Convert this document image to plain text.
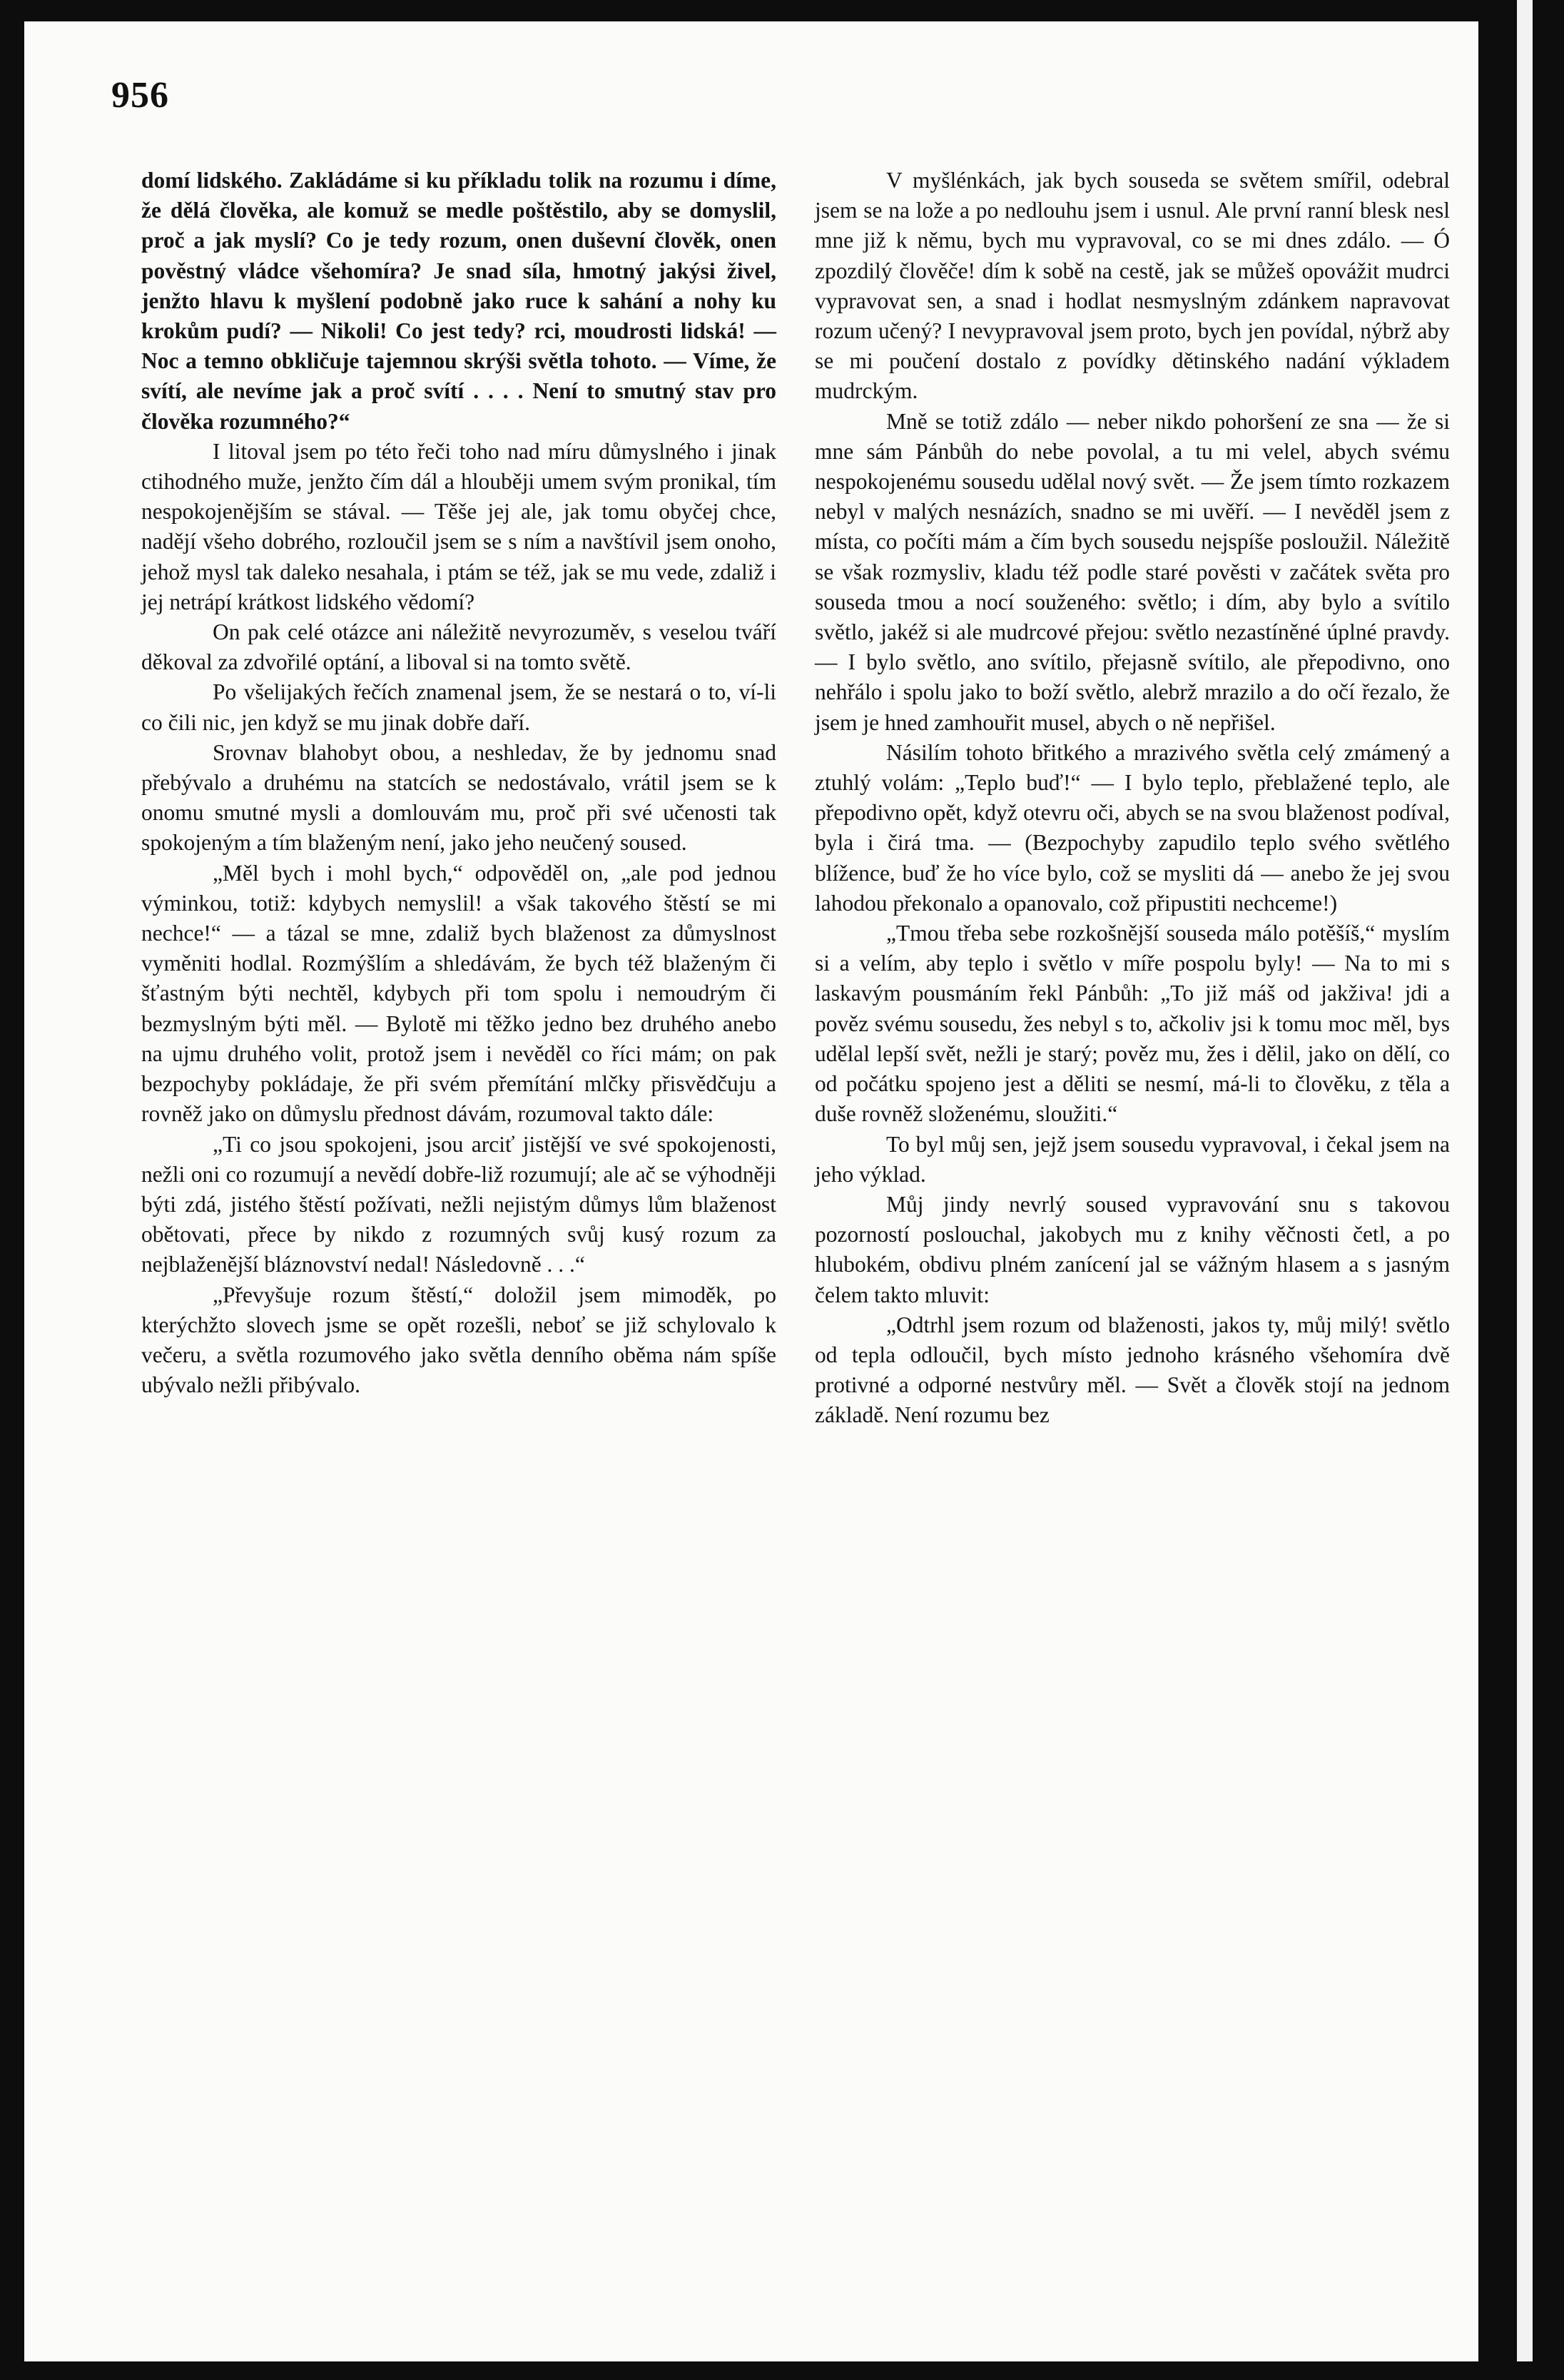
956

domí lidského. Zakládáme si ku příkladu tolik na rozumu i díme, že dělá člověka, ale komuž se medle poštěstilo, aby se domyslil, proč a jak myslí? Co je tedy rozum, onen duševní člověk, onen pověstný vládce všehomíra? Je snad síla, hmotný jakýsi živel, jenžto hlavu k myšlení podobně jako ruce k sahání a nohy ku krokům pudí? — Nikoli! Co jest tedy? rci, moudrosti lidská! — Noc a temno obkličuje tajemnou skrýši světla tohoto. — Víme, že svítí, ale nevíme jak a proč svítí . . . . Není to smutný stav pro člověka rozumného?“

I litoval jsem po této řeči toho nad míru důmyslného i jinak ctihodného muže, jenžto čím dál a hlouběji umem svým pronikal, tím nespokojenějším se stával. — Těše jej ale, jak tomu obyčej chce, nadějí všeho dobrého, rozloučil jsem se s ním a navštívil jsem onoho, jehož mysl tak daleko nesahala, i ptám se též, jak se mu vede, zdaliž i jej netrápí krátkost lidského vědomí?

On pak celé otázce ani náležitě nevyrozuměv, s veselou tváří děkoval za zdvořilé optání, a liboval si na tomto světě.

Po všelijakých řečích znamenal jsem, že se nestará o to, ví-li co čili nic, jen když se mu jinak dobře daří.

Srovnav blahobyt obou, a neshledav, že by jednomu snad přebývalo a druhému na statcích se nedostávalo, vrátil jsem se k onomu smutné mysli a domlouvám mu, proč při své učenosti tak spokojeným a tím blaženým není, jako jeho neučený soused.

„Měl bych i mohl bych,“ odpověděl on, „ale pod jednou výminkou, totiž: kdybych nemyslil! a však takového štěstí se mi nechce!“ — a tázal se mne, zdaliž bych blaženost za důmyslnost vyměniti hodlal. Rozmýšlím a shledávám, že bych též blaženým či šťastným býti nechtěl, kdybych při tom spolu i nemoudrým či bezmyslným býti měl. — Bylotě mi těžko jedno bez druhého anebo na ujmu druhého volit, protož jsem i nevěděl co říci mám; on pak bezpochyby pokládaje, že při svém přemítání mlčky přisvědčuju a rovněž jako on důmyslu přednost dávám, rozumoval takto dále:

„Ti co jsou spokojeni, jsou arciť jistější ve své spokojenosti, nežli oni co rozumují a nevědí dobře-liž rozumují; ale ač se výhodněji býti zdá, jistého štěstí požívati, nežli nejistým důmys lům blaženost obětovati, přece by nikdo z rozumných svůj kusý rozum za nejblaženější bláznovství nedal! Následovně . . .“

„Převyšuje rozum štěstí,“ doložil jsem mimoděk, po kterýchžto slovech jsme se opět rozešli, neboť se již schylovalo k večeru, a světla rozumového jako světla denního oběma nám spíše ubývalo nežli přibývalo.

V myšlénkách, jak bych souseda se světem smířil, odebral jsem se na lože a po nedlouhu jsem i usnul. Ale první ranní blesk nesl mne již k němu, bych mu vypravoval, co se mi dnes zdálo. — Ó zpozdilý člověče! dím k sobě na cestě, jak se můžeš opovážit mudrci vypravovat sen, a snad i hodlat nesmyslným zdánkem napravovat rozum učený? I nevypravoval jsem proto, bych jen povídal, nýbrž aby se mi poučení dostalo z povídky dětinského nadání výkladem mudrckým.

Mně se totiž zdálo — neber nikdo pohoršení ze sna — že si mne sám Pánbůh do nebe povolal, a tu mi velel, abych svému nespokojenému sousedu udělal nový svět. — Že jsem tímto rozkazem nebyl v malých nesnázích, snadno se mi uvěří. — I nevěděl jsem z místa, co počíti mám a čím bych sousedu nejspíše posloužil. Náležitě se však rozmysliv, kladu též podle staré pověsti v začátek světa pro souseda tmou a nocí souženého: světlo; i dím, aby bylo a svítilo světlo, jakéž si ale mudrcové přejou: světlo nezastíněné úplné pravdy. — I bylo světlo, ano svítilo, přejasně svítilo, ale přepodivno, ono nehřálo i spolu jako to boží světlo, alebrž mrazilo a do očí řezalo, že jsem je hned zamhouřit musel, abych o ně nepřišel.

Násilím tohoto břitkého a mrazivého světla celý zmámený a ztuhlý volám: „Teplo buď!“ — I bylo teplo, přeblažené teplo, ale přepodivno opět, když otevru oči, abych se na svou blaženost podíval, byla i čirá tma. — (Bezpochyby zapudilo teplo svého světlého blížence, buď že ho více bylo, což se mysliti dá — anebo že jej svou lahodou překonalo a opanovalo, což připustiti nechceme!)

„Tmou třeba sebe rozkošnější souseda málo potěšíš,“ myslím si a velím, aby teplo i světlo v míře pospolu byly! — Na to mi s laskavým pousmáním řekl Pánbůh: „To již máš od jakživa! jdi a pověz svému sousedu, žes nebyl s to, ačkoliv jsi k tomu moc měl, bys udělal lepší svět, nežli je starý; pověz mu, žes i dělil, jako on dělí, co od počátku spojeno jest a děliti se nesmí, má-li to člověku, z těla a duše rovněž složenému, sloužiti.“

To byl můj sen, jejž jsem sousedu vypravoval, i čekal jsem na jeho výklad.

Můj jindy nevrlý soused vypravování snu s takovou pozorností poslouchal, jakobych mu z knihy věčnosti četl, a po hlubokém, obdivu plném zanícení jal se vážným hlasem a s jasným čelem takto mluvit:

„Odtrhl jsem rozum od blaženosti, jakos ty, můj milý! světlo od tepla odloučil, bych místo jednoho krásného všehomíra dvě protivné a odporné nestvůry měl. — Svět a člověk stojí na jednom základě. Není rozumu bez
